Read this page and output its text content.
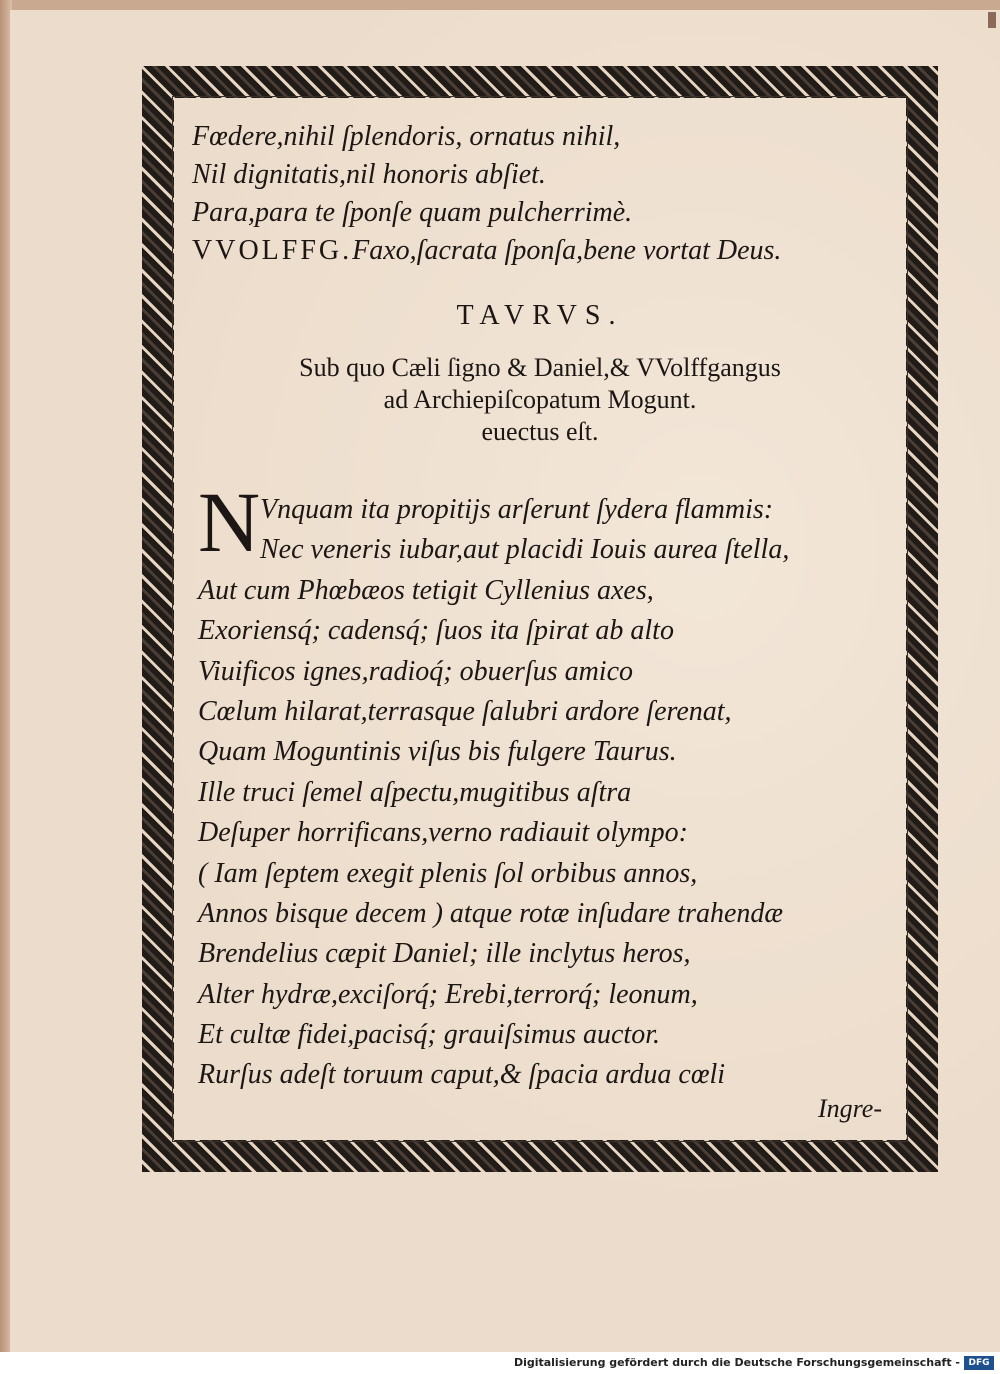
Fœdere,nihil ſplendoris, ornatus nihil,
Nil dignitatis,nil honoris abſiet.
Para,para te ſponſe quam pulcherrimè.
VVOLFFG.Faxo,ſacrata ſponſa,bene vortat Deus.
TAVRVS.
Sub quo Cæli ſigno & Daniel,& VVolffgangus
ad Archiepiſcopatum Mogunt.
euectus eſt.
N Vnquam ita propitijs arſerunt ſydera flammis:
Nec veneris iubar,aut placidi Iouis aurea ſtella,
Aut cum Phœbæos tetigit Cyllenius axes,
Exoriensq́; cadensq́; ſuos ita ſpirat ab alto
Viuificos ignes,radioq́; obuerſus amico
Cœlum hilarat,terrasque ſalubri ardore ſerenat,
Quam Moguntinis viſus bis fulgere Taurus.
Ille truci ſemel aſpectu,mugitibus aſtra
Deſuper horrificans,verno radiauit olympo:
( Iam ſeptem exegit plenis ſol orbibus annos,
Annos bisque decem ) atque rotæ inſudare trahendæ
Brendelius cæpit Daniel; ille inclytus heros,
Alter hydræ,exciſorq́; Erebi,terrorq́; leonum,
Et cultæ fidei,pacisq́; grauiſsimus auctor.
Rurſus adeſt toruum caput,& ſpacia ardua cœli
Ingre-
Digitalisierung gefördert durch die Deutsche Forschungsgemeinschaft - DFG
